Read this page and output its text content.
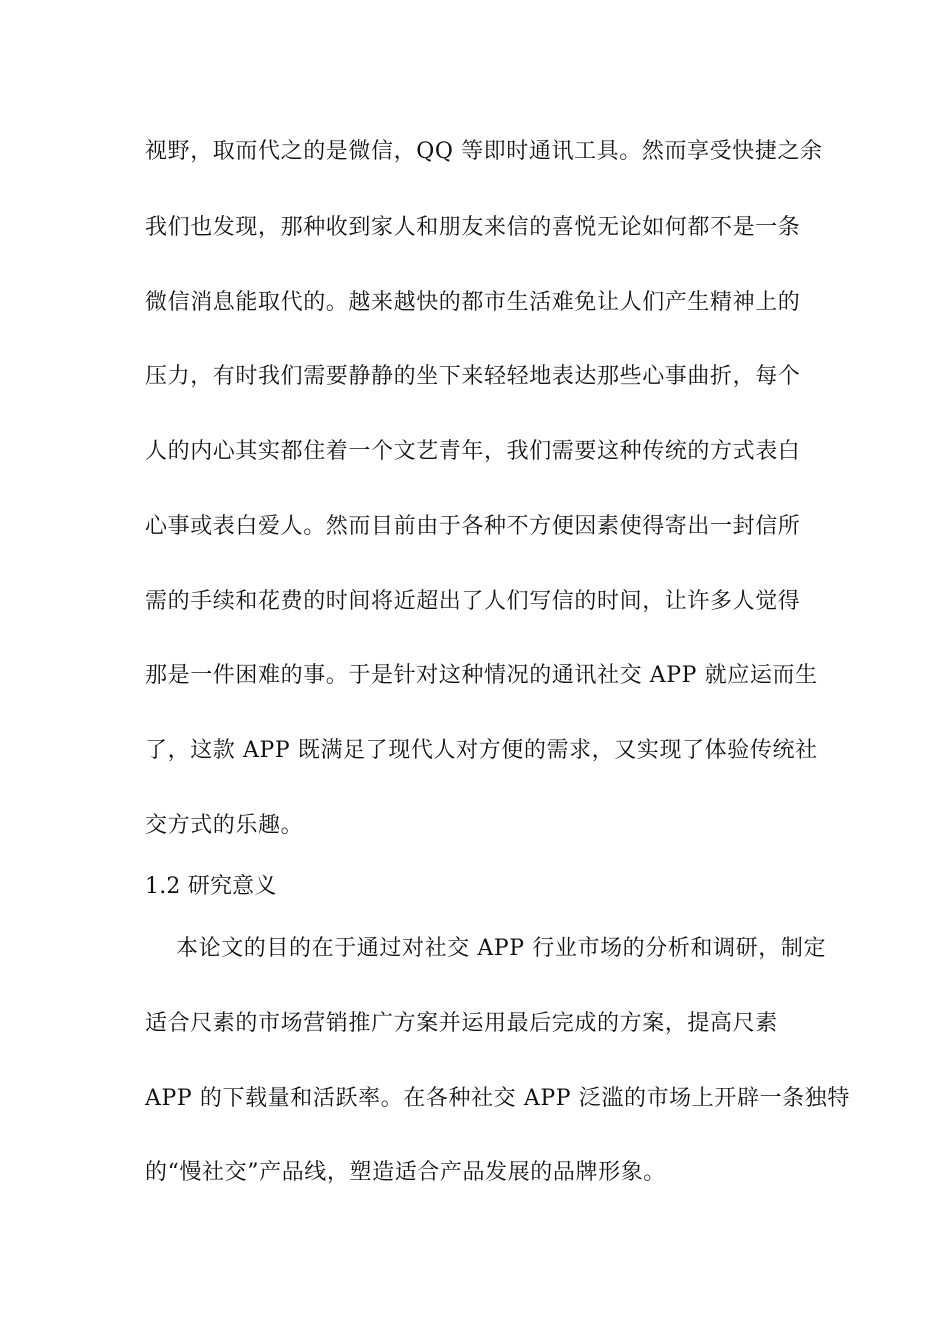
视野，取而代之的是微信，QQ 等即时通讯工具。然而享受快捷之余
我们也发现，那种收到家人和朋友来信的喜悦无论如何都不是一条
微信消息能取代的。越来越快的都市生活难免让人们产生精神上的
压力，有时我们需要静静的坐下来轻轻地表达那些心事曲折，每个
人的内心其实都住着一个文艺青年，我们需要这种传统的方式表白
心事或表白爱人。然而目前由于各种不方便因素使得寄出一封信所
需的手续和花费的时间将近超出了人们写信的时间，让许多人觉得
那是一件困难的事。于是针对这种情况的通讯社交 APP 就应运而生
了，这款 APP 既满足了现代人对方便的需求，又实现了体验传统社
交方式的乐趣。
1.2 研究意义
本论文的目的在于通过对社交 APP 行业市场的分析和调研，制定
适合尺素的市场营销推广方案并运用最后完成的方案，提高尺素
APP 的下载量和活跃率。在各种社交 APP 泛滥的市场上开辟一条独特
的“慢社交”产品线，塑造适合产品发展的品牌形象。
